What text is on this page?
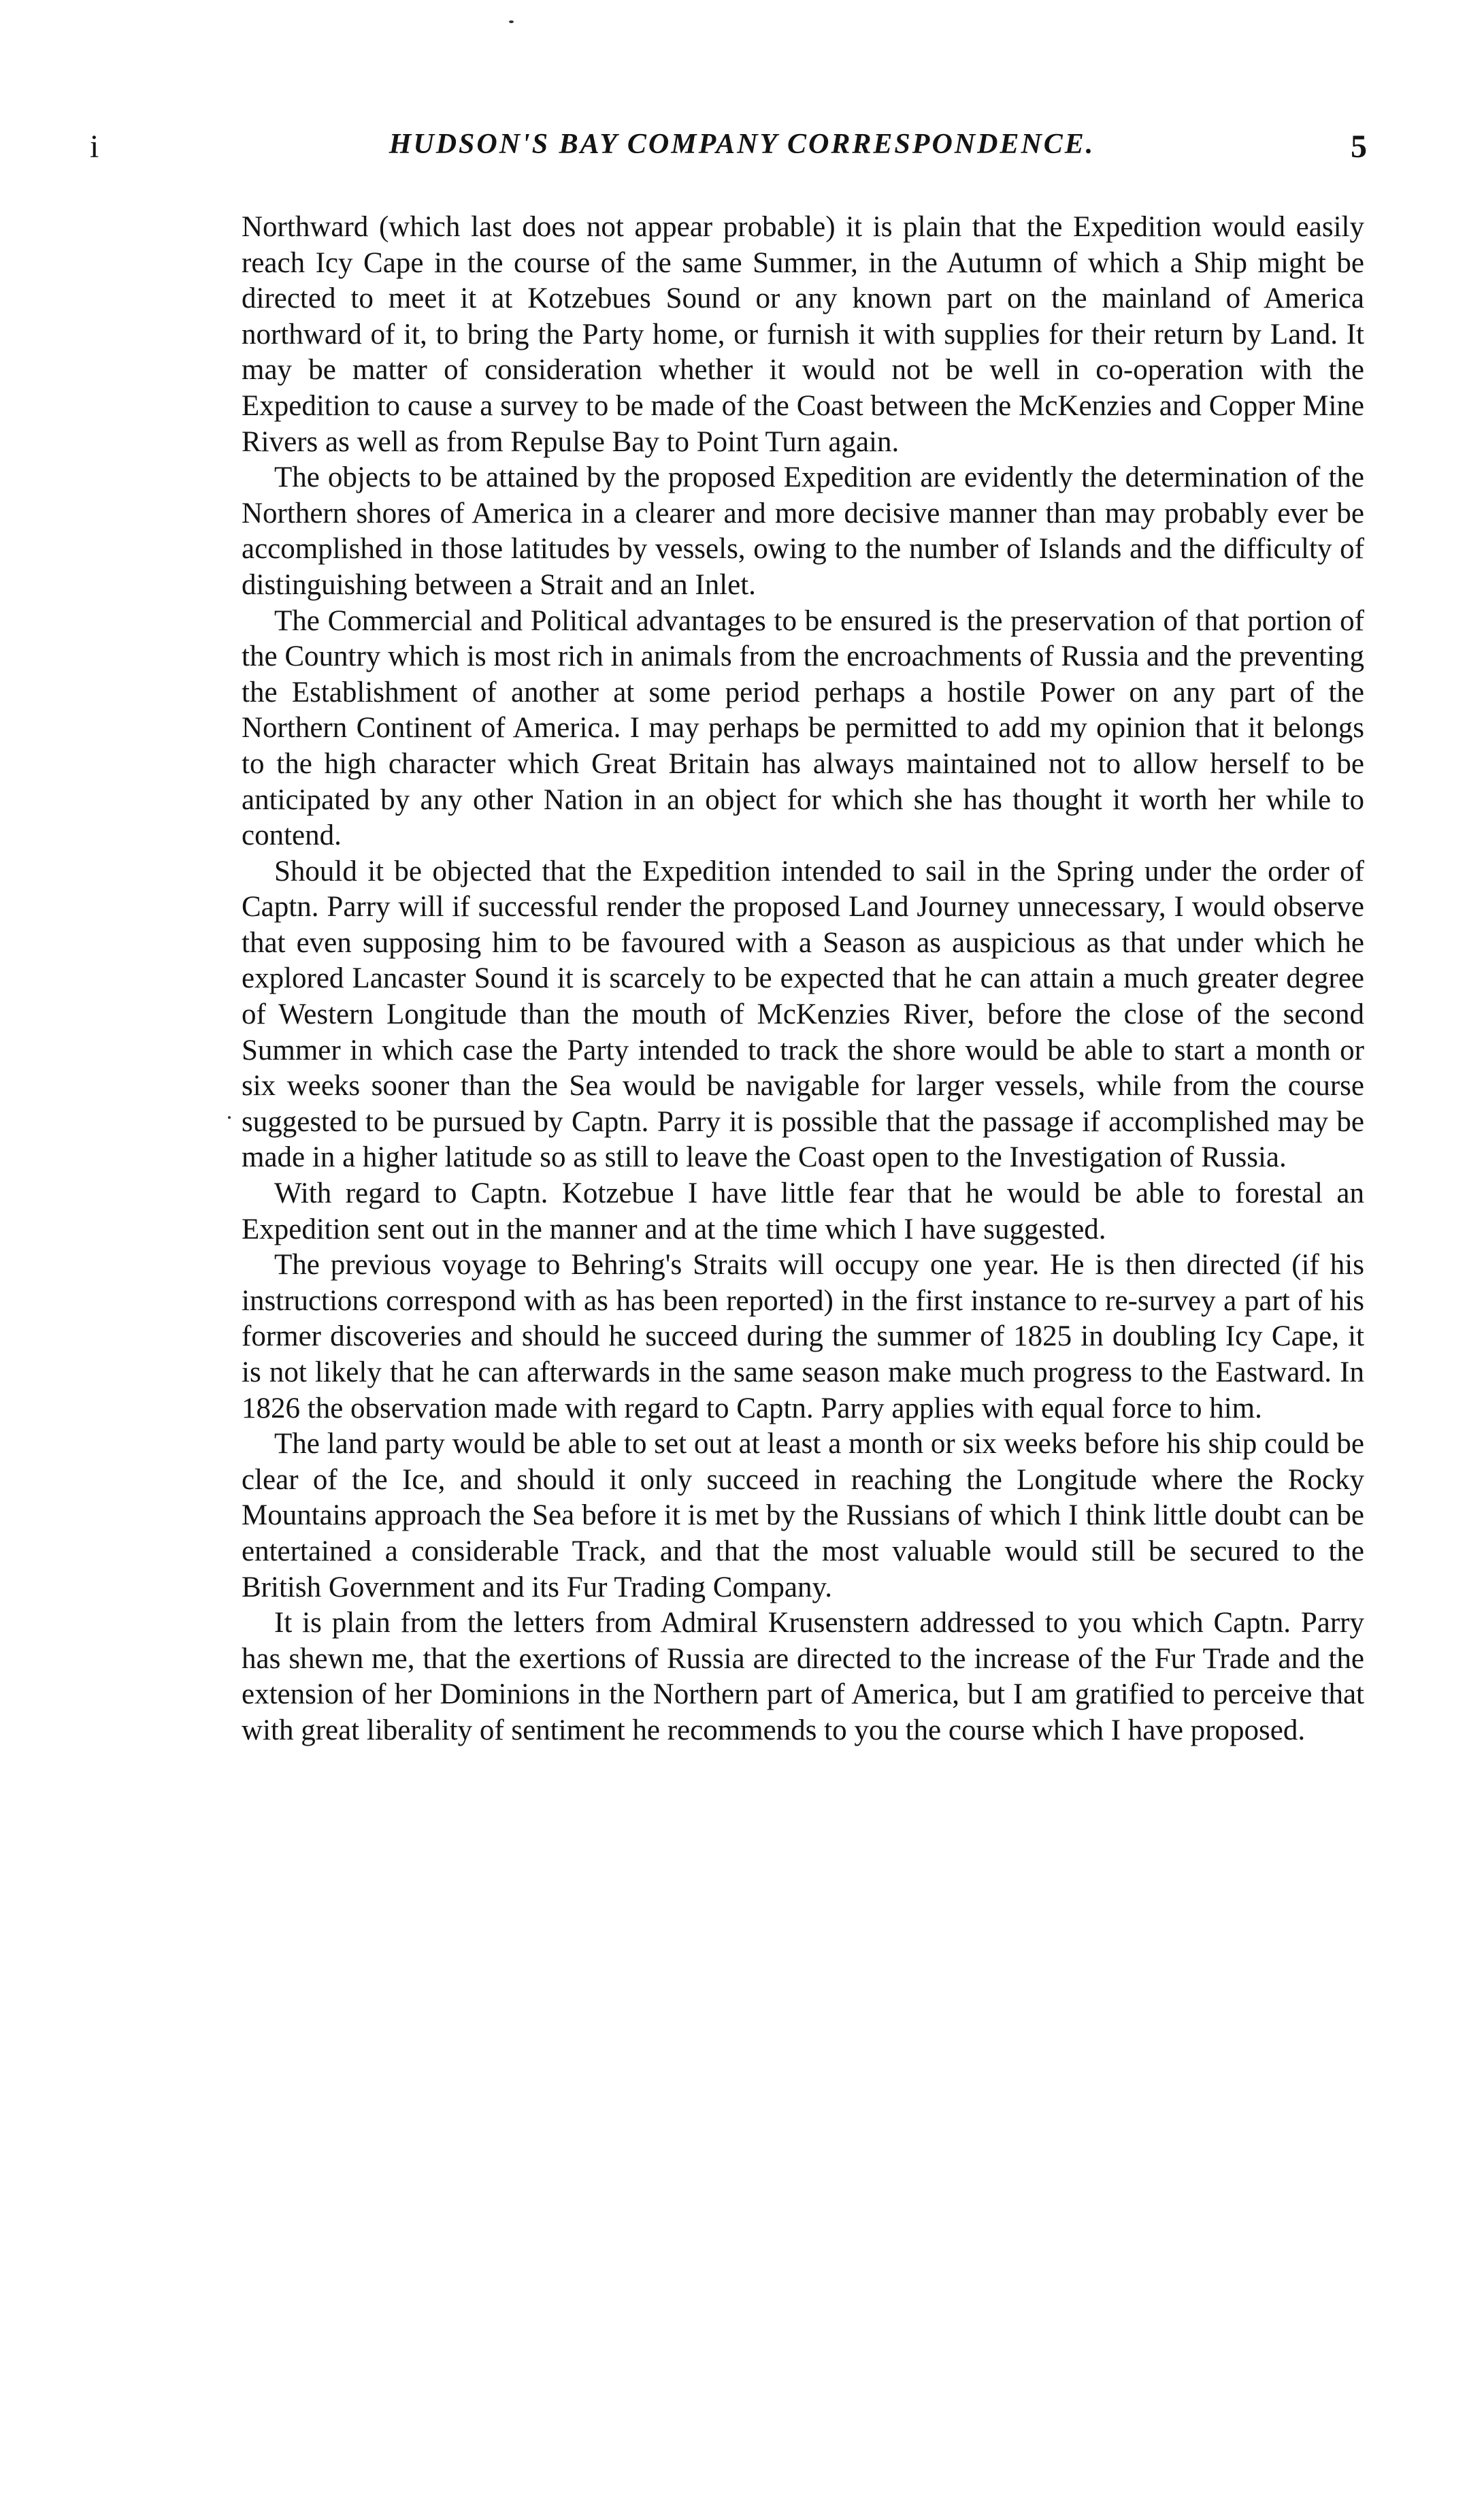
i	HUDSON'S BAY COMPANY CORRESPONDENCE.	5

Northward (which last does not appear probable) it is plain that the Expedition would easily reach Icy Cape in the course of the same Summer, in the Autumn of which a Ship might be directed to meet it at Kotzebues Sound or any known part on the mainland of America northward of it, to bring the Party home, or furnish it with supplies for their return by Land. It may be matter of consideration whether it would not be well in co-operation with the Expedition to cause a survey to be made of the Coast between the McKenzies and Copper Mine Rivers as well as from Repulse Bay to Point Turn again.

The objects to be attained by the proposed Expedition are evidently the determination of the Northern shores of America in a clearer and more decisive manner than may probably ever be accomplished in those latitudes by vessels, owing to the number of Islands and the difficulty of distinguishing between a Strait and an Inlet.

The Commercial and Political advantages to be ensured is the preservation of that portion of the Country which is most rich in animals from the encroachments of Russia and the preventing the Establishment of another at some period perhaps a hostile Power on any part of the Northern Continent of America. I may perhaps be permitted to add my opinion that it belongs to the high character which Great Britain has always maintained not to allow herself to be anticipated by any other Nation in an object for which she has thought it worth her while to contend.

Should it be objected that the Expedition intended to sail in the Spring under the order of Captn. Parry will if successful render the proposed Land Journey unnecessary, I would observe that even supposing him to be favoured with a Season as auspicious as that under which he explored Lancaster Sound it is scarcely to be expected that he can attain a much greater degree of Western Longitude than the mouth of McKenzies River, before the close of the second Summer in which case the Party intended to track the shore would be able to start a month or six weeks sooner than the Sea would be navigable for larger vessels, while from the course suggested to be pursued by Captn. Parry it is possible that the passage if accomplished may be made in a higher latitude so as still to leave the Coast open to the Investigation of Russia.

With regard to Captn. Kotzebue I have little fear that he would be able to forestal an Expedition sent out in the manner and at the time which I have suggested.

The previous voyage to Behring's Straits will occupy one year. He is then directed (if his instructions correspond with as has been reported) in the first instance to re-survey a part of his former discoveries and should he succeed during the summer of 1825 in doubling Icy Cape, it is not likely that he can afterwards in the same season make much progress to the Eastward. In 1826 the observation made with regard to Captn. Parry applies with equal force to him.

The land party would be able to set out at least a month or six weeks before his ship could be clear of the Ice, and should it only succeed in reaching the Longitude where the Rocky Mountains approach the Sea before it is met by the Russians of which I think little doubt can be entertained a considerable Track, and that the most valuable would still be secured to the British Government and its Fur Trading Company.

It is plain from the letters from Admiral Krusenstern addressed to you which Captn. Parry has shewn me, that the exertions of Russia are directed to the increase of the Fur Trade and the extension of her Dominions in the Northern part of America, but I am gratified to perceive that with great liberality of sentiment he recommends to you the course which I have proposed.
